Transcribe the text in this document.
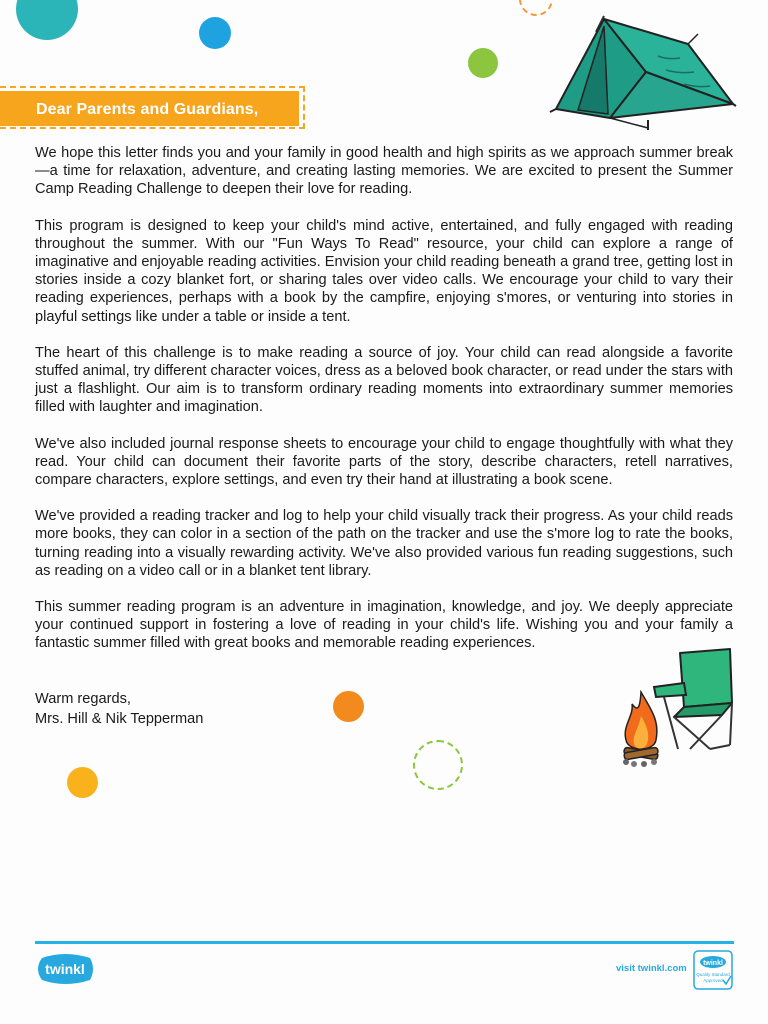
Dear Parents and Guardians,

We hope this letter finds you and your family in good health and high spirits as we approach summer break—a time for relaxation, adventure, and creating lasting memories. We are excited to present the Summer Camp Reading Challenge to deepen their love for reading.

This program is designed to keep your child's mind active, entertained, and fully engaged with reading throughout the summer. With our "Fun Ways To Read" resource, your child can explore a range of imaginative and enjoyable reading activities. Envision your child reading beneath a grand tree, getting lost in stories inside a cozy blanket fort, or sharing tales over video calls. We encourage your child to vary their reading experiences, perhaps with a book by the campfire, enjoying s'mores, or venturing into stories in playful settings like under a table or inside a tent.

The heart of this challenge is to make reading a source of joy. Your child can read alongside a favorite stuffed animal, try different character voices, dress as a beloved book character, or read under the stars with just a flashlight. Our aim is to transform ordinary reading moments into extraordinary summer memories filled with laughter and imagination.

We've also included journal response sheets to encourage your child to engage thoughtfully with what they read. Your child can document their favorite parts of the story, describe characters, retell narratives, compare characters, explore settings, and even try their hand at illustrating a book scene.

We've provided a reading tracker and log to help your child visually track their progress. As your child reads more books, they can color in a section of the path on the tracker and use the s'more log to rate the books, turning reading into a visually rewarding activity. We've also provided various fun reading suggestions, such as reading on a video call or in a blanket tent library.

This summer reading program is an adventure in imagination, knowledge, and joy. We deeply appreciate your continued support in fostering a love of reading in your child's life. Wishing you and your family a fantastic summer filled with great books and memorable reading experiences.

Warm regards,
Mrs. Hill & Nik Tepperman
twinkl	visit twinkl.com twinkl
Quality Standard
Approved
